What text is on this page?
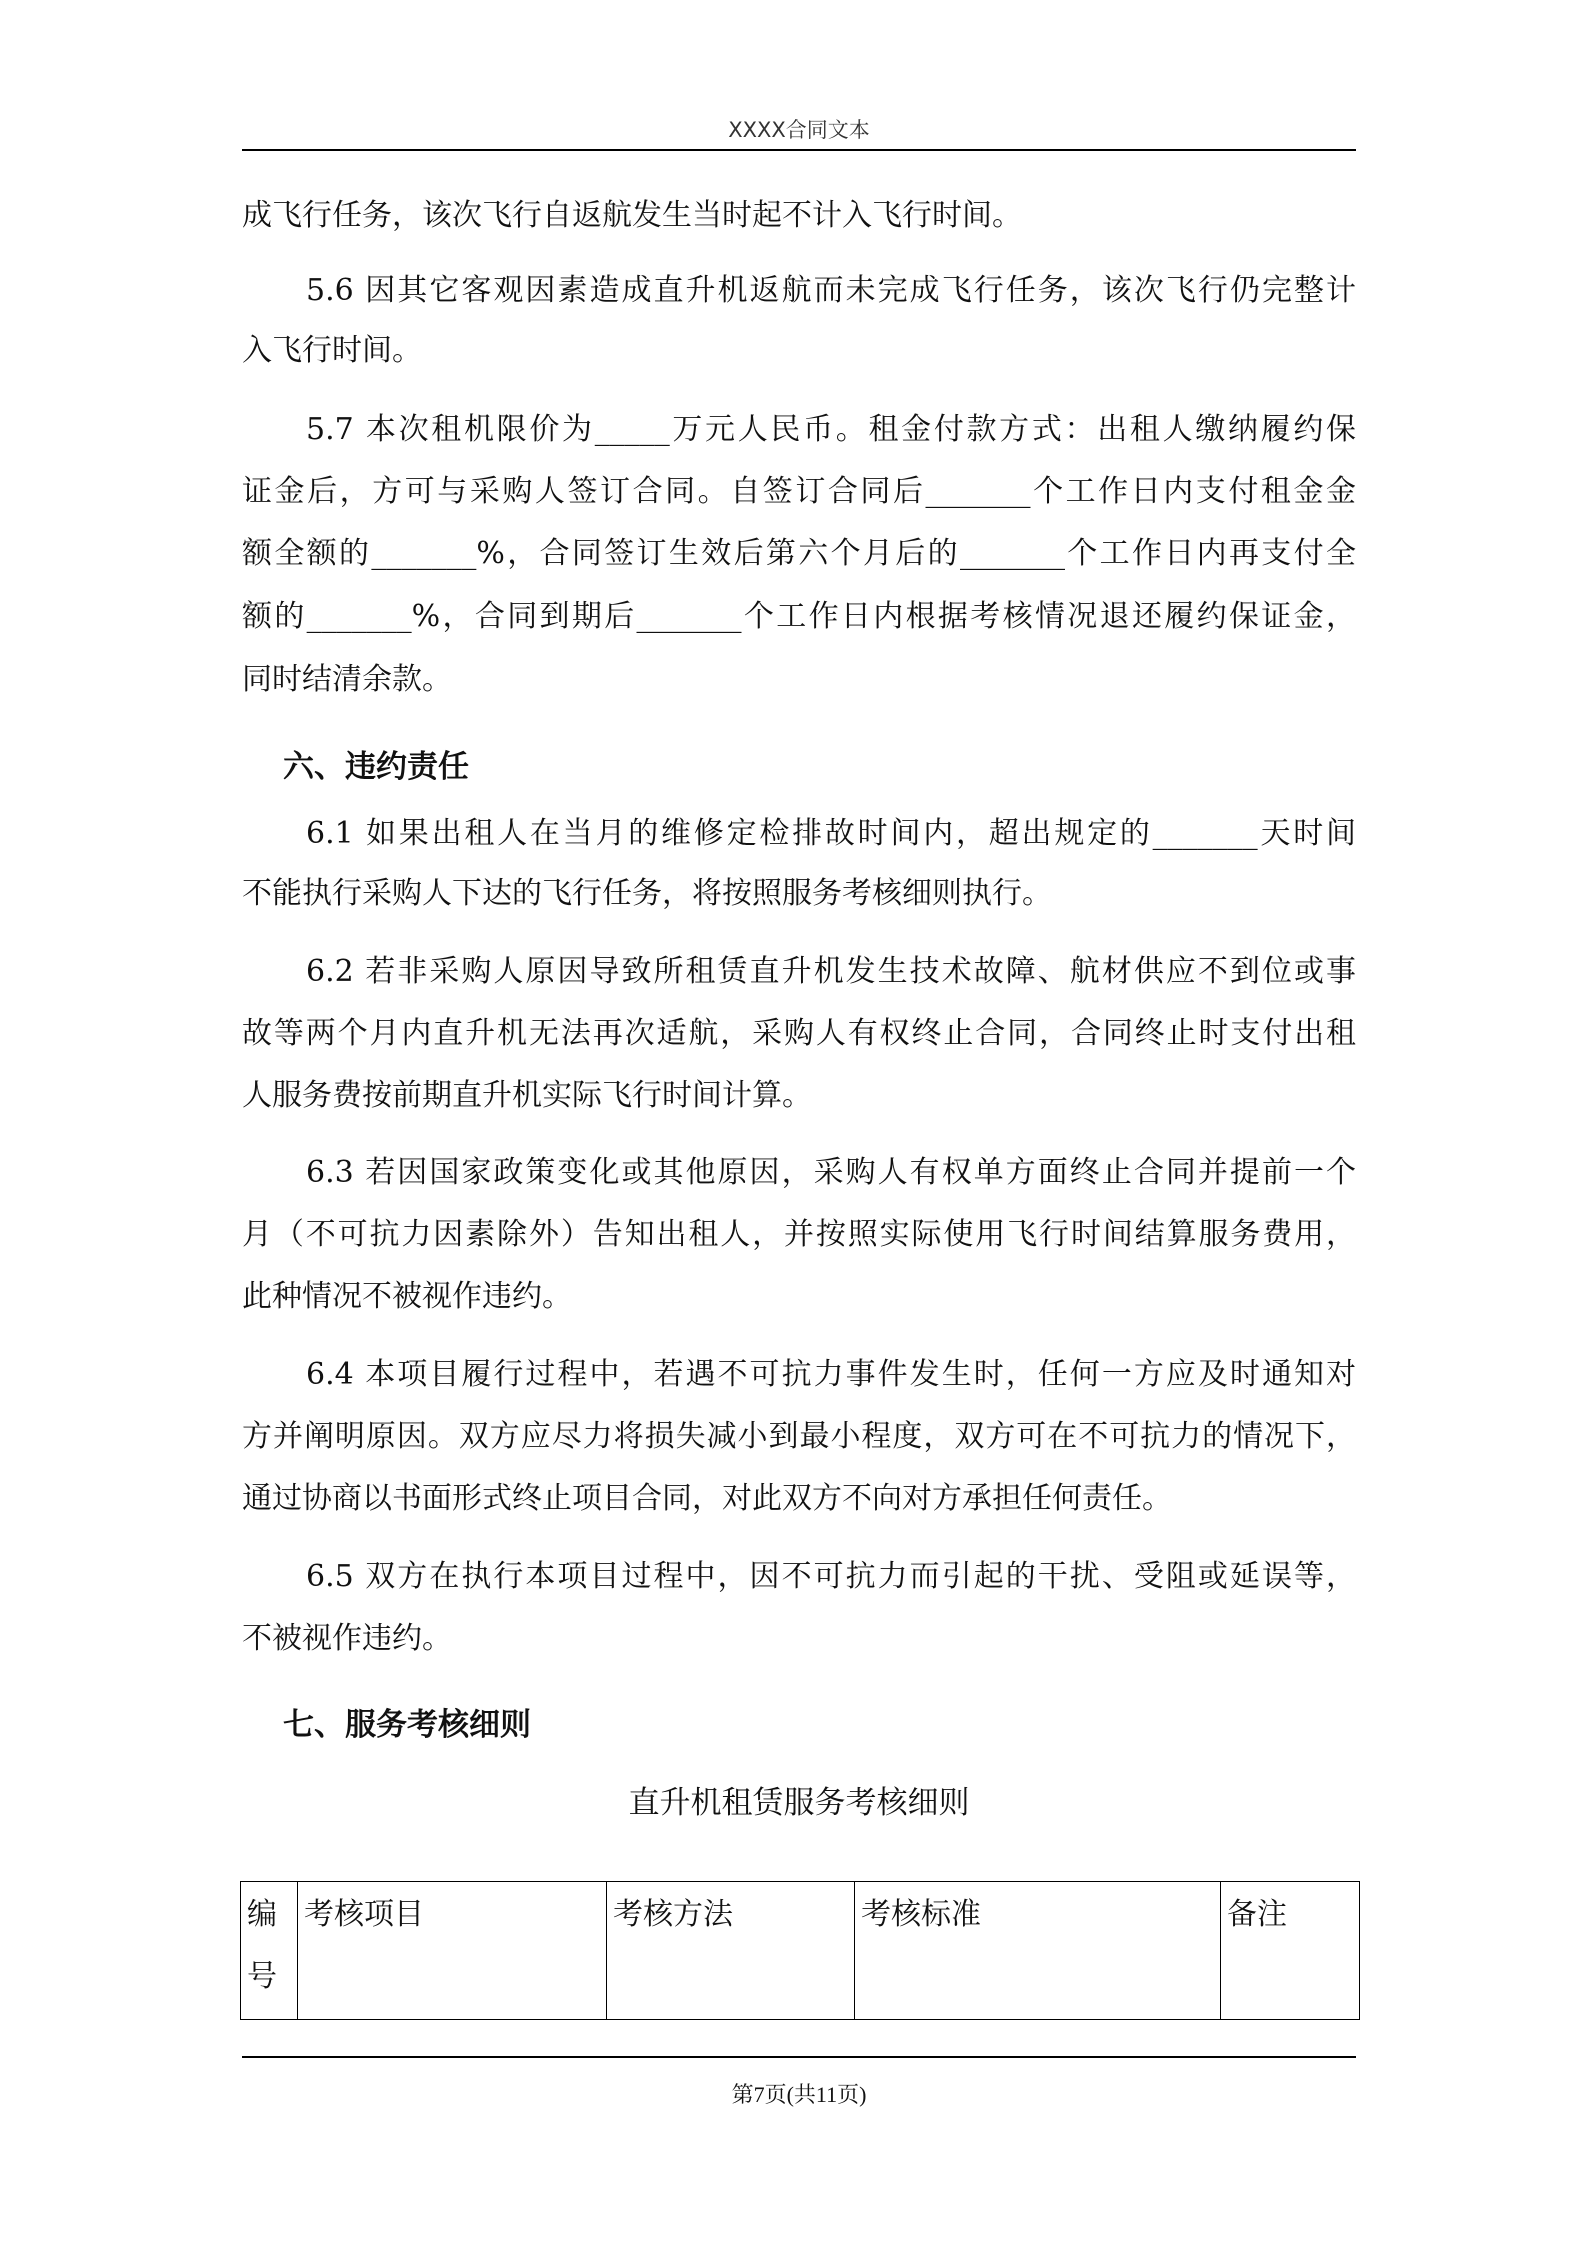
XXXX合同文本
成飞行任务，该次飞行自返航发生当时起不计入飞行时间。
5.6 因其它客观因素造成直升机返航而未完成飞行任务，该次飞行仍完整计
入飞行时间。
5.7 本次租机限价为_____万元人民币。租金付款方式：出租人缴纳履约保
证金后，方可与采购人签订合同。自签订合同后_______个工作日内支付租金金
额全额的_______%，合同签订生效后第六个月后的_______个工作日内再支付全
额的_______%，合同到期后_______个工作日内根据考核情况退还履约保证金，
同时结清余款。
六、违约责任
6.1 如果出租人在当月的维修定检排故时间内，超出规定的_______天时间
不能执行采购人下达的飞行任务，将按照服务考核细则执行。
6.2 若非采购人原因导致所租赁直升机发生技术故障、航材供应不到位或事
故等两个月内直升机无法再次适航，采购人有权终止合同，合同终止时支付出租
人服务费按前期直升机实际飞行时间计算。
6.3 若因国家政策变化或其他原因，采购人有权单方面终止合同并提前一个
月（不可抗力因素除外）告知出租人，并按照实际使用飞行时间结算服务费用，
此种情况不被视作违约。
6.4 本项目履行过程中，若遇不可抗力事件发生时，任何一方应及时通知对
方并阐明原因。双方应尽力将损失减小到最小程度，双方可在不可抗力的情况下，
通过协商以书面形式终止项目合同，对此双方不向对方承担任何责任。
6.5 双方在执行本项目过程中，因不可抗力而引起的干扰、受阻或延误等，
不被视作违约。
七、服务考核细则
直升机租赁服务考核细则
编号	考核项目	考核方法	考核标准	备注
第7页(共11页)
